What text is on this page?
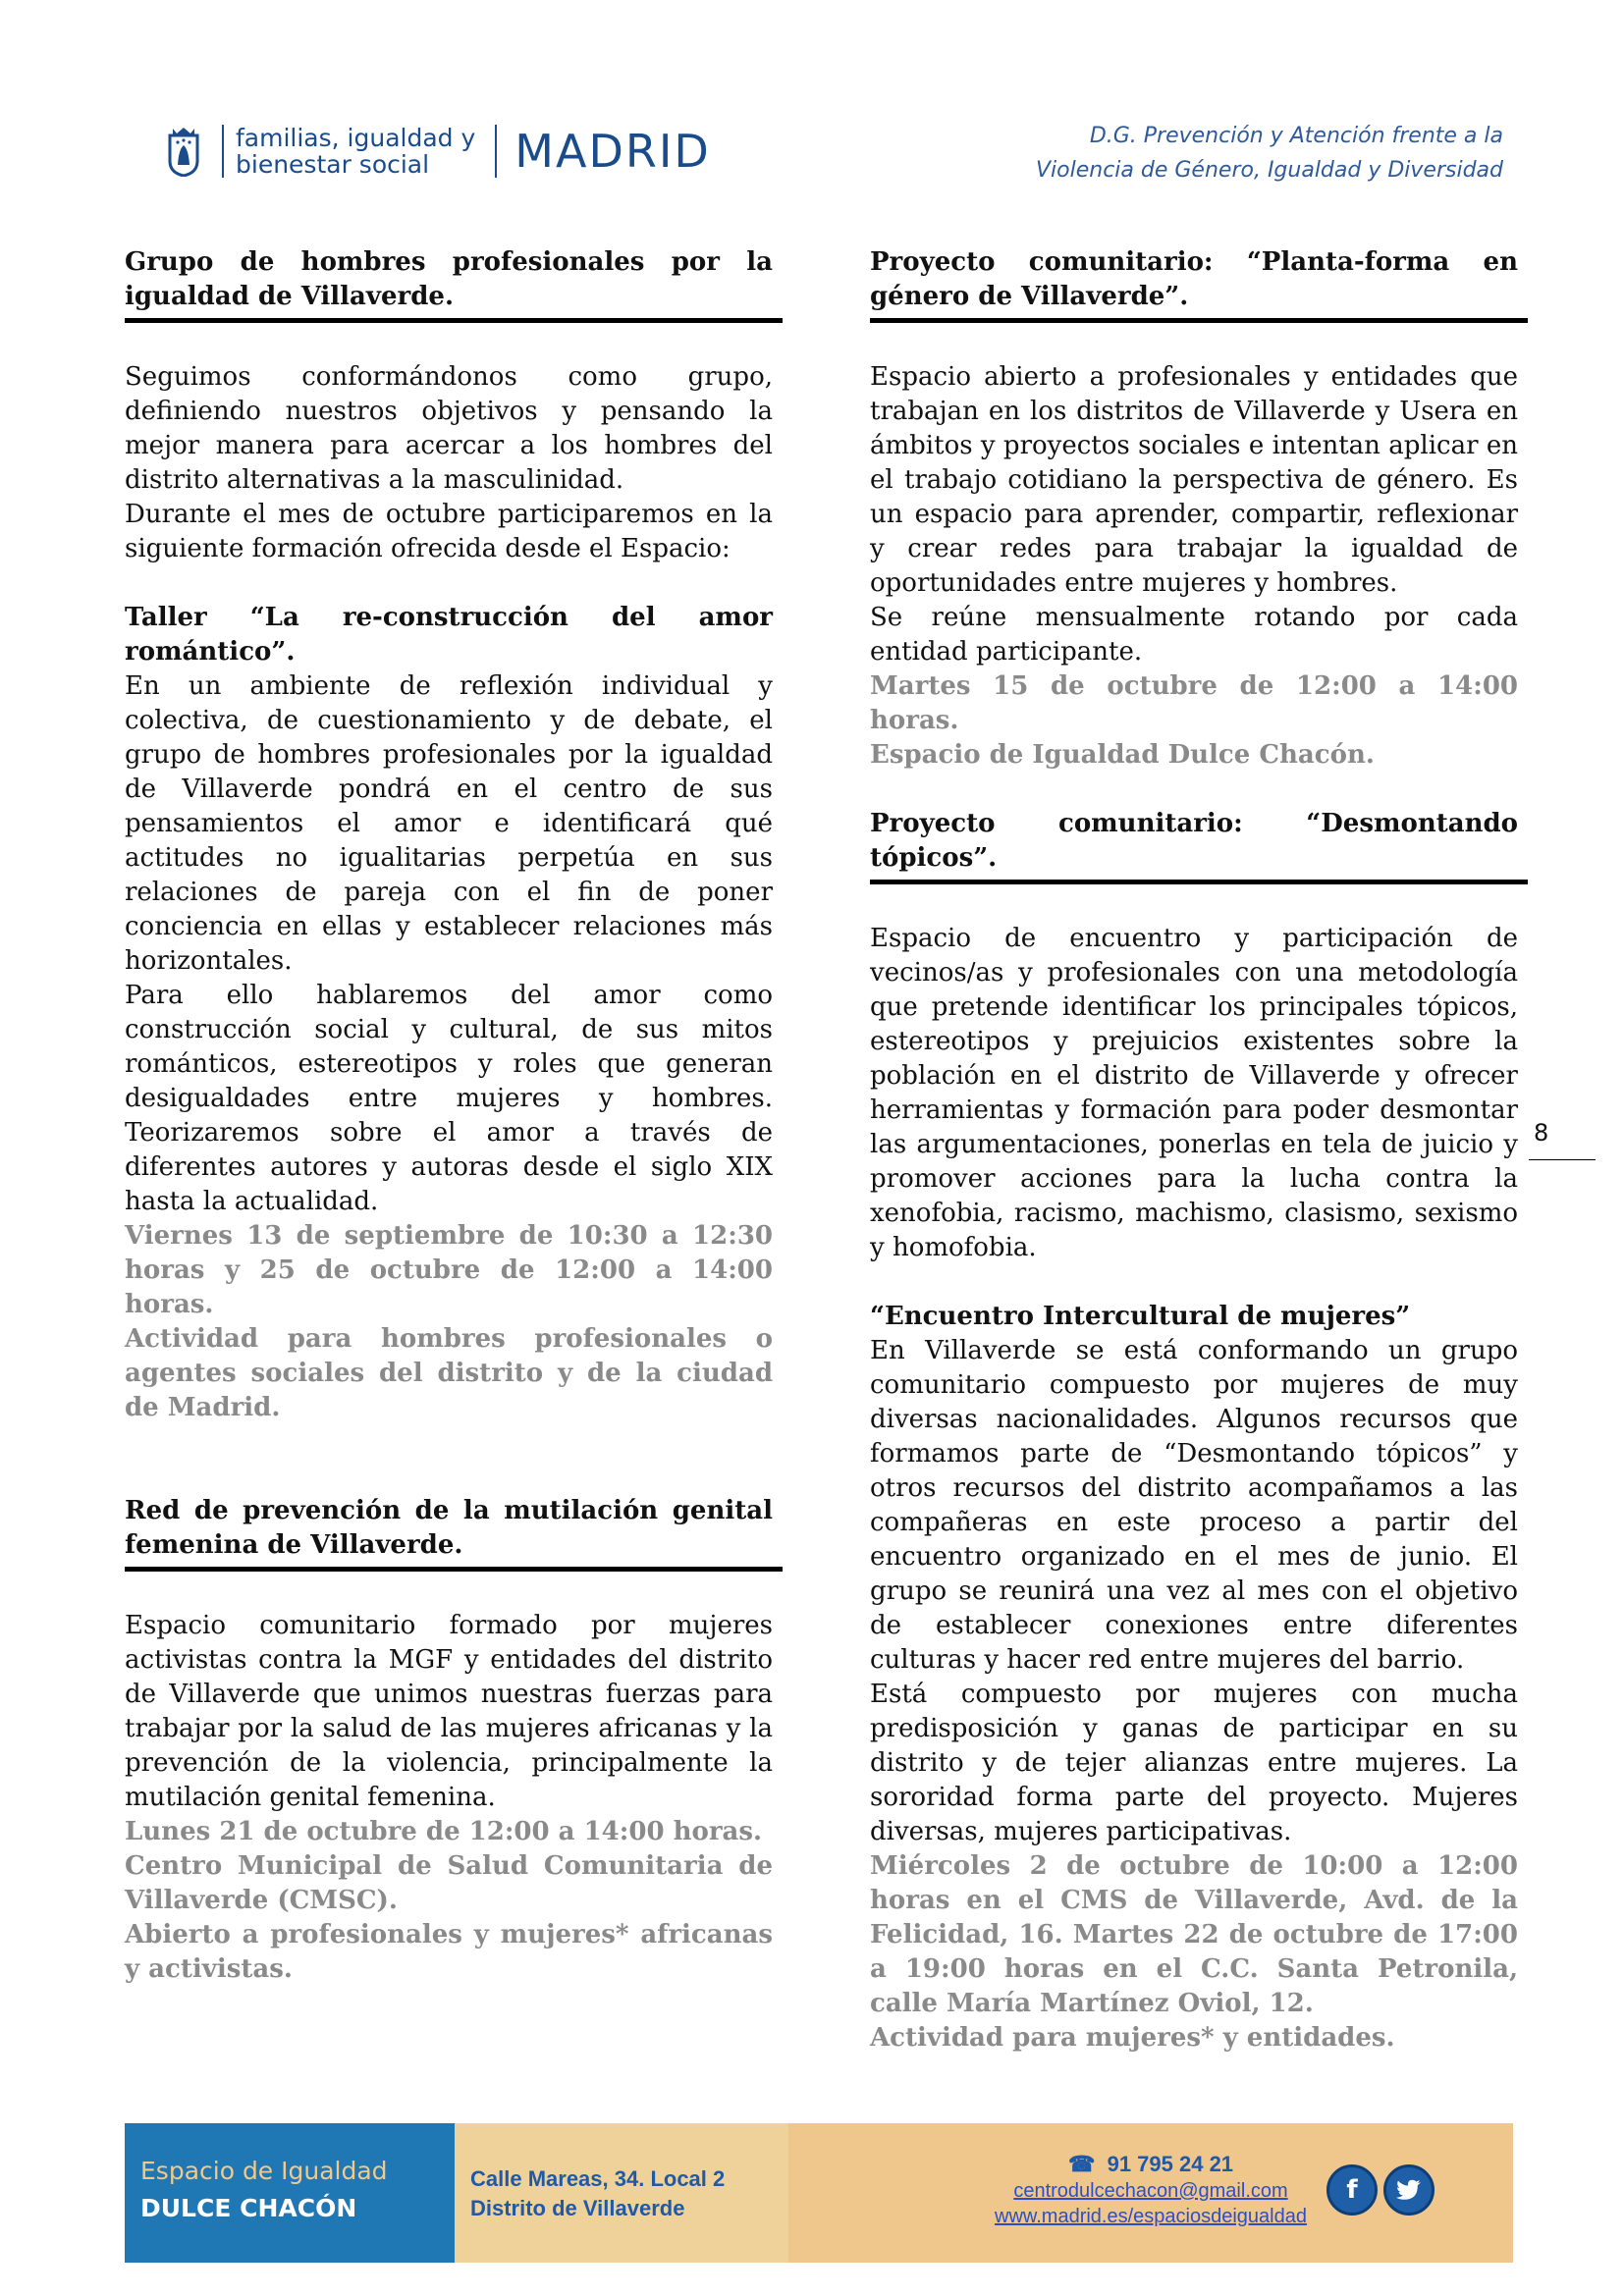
familias, igualdad y
bienestar social	MADRID	D.G. Prevención y Atención frente a la
Violencia de Género, Igualdad y Diversidad
Grupo de hombres profesionales por la igualdad de Villaverde.

Seguimos conformándonos como grupo, definiendo nuestros objetivos y pensando la mejor manera para acercar a los hombres del distrito alternativas a la masculinidad.

Durante el mes de octubre participaremos en la siguiente formación ofrecida desde el Espacio:

Taller “La re-construcción del amor romántico”.

En un ambiente de reflexión individual y colectiva, de cuestionamiento y de debate, el grupo de hombres profesionales por la igualdad de Villaverde pondrá en el centro de sus pensamientos el amor e identificará qué actitudes no igualitarias perpetúa en sus relaciones de pareja con el fin de poner conciencia en ellas y establecer relaciones más horizontales.

Para ello hablaremos del amor como construcción social y cultural, de sus mitos románticos, estereotipos y roles que generan desigualdades entre mujeres y hombres. Teorizaremos sobre el amor a través de diferentes autores y autoras desde el siglo XIX hasta la actualidad.

Viernes 13 de septiembre de 10:30 a 12:30 horas y 25 de octubre de 12:00 a 14:00 horas.

Actividad para hombres profesionales o agentes sociales del distrito y de la ciudad de Madrid.

Red de prevención de la mutilación genital femenina de Villaverde.

Espacio comunitario formado por mujeres activistas contra la MGF y entidades del distrito de Villaverde que unimos nuestras fuerzas para trabajar por la salud de las mujeres africanas y la prevención de la violencia, principalmente la mutilación genital femenina.

Lunes 21 de octubre de 12:00 a 14:00 horas.

Centro Municipal de Salud Comunitaria de Villaverde (CMSC).

Abierto a profesionales y mujeres* africanas y activistas.

Proyecto comunitario: “Planta-forma en género de Villaverde”.

Espacio abierto a profesionales y entidades que trabajan en los distritos de Villaverde y Usera en ámbitos y proyectos sociales e intentan aplicar en el trabajo cotidiano la perspectiva de género. Es un espacio para aprender, compartir, reflexionar y crear redes para trabajar la igualdad de oportunidades entre mujeres y hombres.

Se reúne mensualmente rotando por cada entidad participante.

Martes 15 de octubre de 12:00 a 14:00 horas.

Espacio de Igualdad Dulce Chacón.

Proyecto comunitario: “Desmontando tópicos”.

Espacio de encuentro y participación de vecinos/as y profesionales con una metodología que pretende identificar los principales tópicos, estereotipos y prejuicios existentes sobre la población en el distrito de Villaverde y ofrecer herramientas y formación para poder desmontar las argumentaciones, ponerlas en tela de juicio y promover acciones para la lucha contra la xenofobia, racismo, machismo, clasismo, sexismo y homofobia.

“Encuentro Intercultural de mujeres”

En Villaverde se está conformando un grupo comunitario compuesto por mujeres de muy diversas nacionalidades. Algunos recursos que formamos parte de “Desmontando tópicos” y otros recursos del distrito acompañamos a las compañeras en este proceso a partir del encuentro organizado en el mes de junio. El grupo se reunirá una vez al mes con el objetivo de establecer conexiones entre diferentes culturas y hacer red entre mujeres del barrio.

Está compuesto por mujeres con mucha predisposición y ganas de participar en su distrito y de tejer alianzas entre mujeres. La sororidad forma parte del proyecto. Mujeres diversas, mujeres participativas.

Miércoles 2 de octubre de 10:00 a 12:00 horas en el CMS de Villaverde, Avd. de la Felicidad, 16. Martes 22 de octubre de 17:00 a 19:00 horas en el C.C. Santa Petronila, calle María Martínez Oviol, 12.

Actividad para mujeres* y entidades.

8
Espacio de Igualdad
DULCE CHACÓN
Calle Mareas, 34. Local 2
Distrito de Villaverde
☎ 91 795 24 21
centrodulcechacon@gmail.com
www.madrid.es/espaciosdeigualdad
f
